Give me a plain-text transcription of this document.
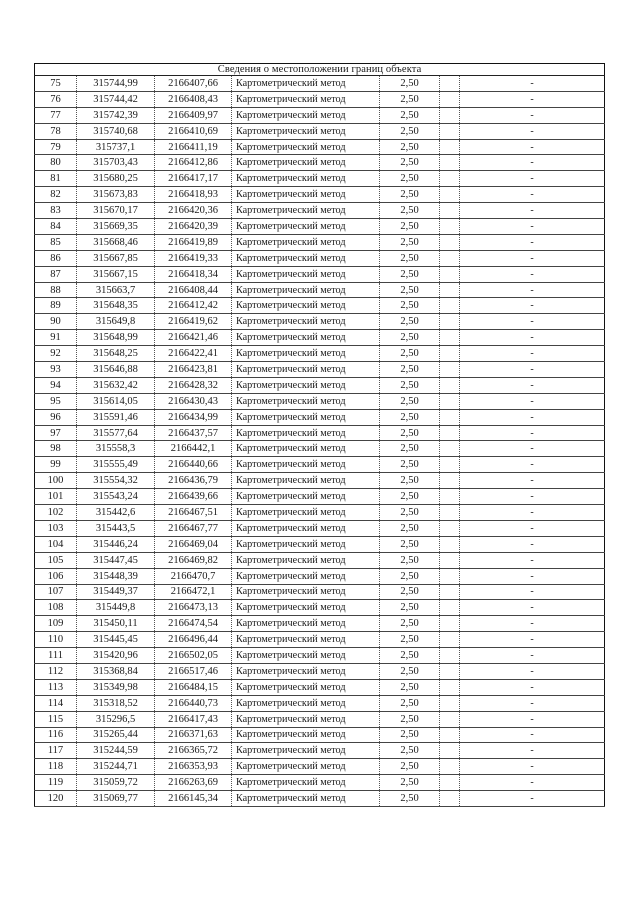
Сведения о местоположении границ объекта						
75	315744,99	2166407,66	Картометрический метод	2,50		-
76	315744,42	2166408,43	Картометрический метод	2,50		-
77	315742,39	2166409,97	Картометрический метод	2,50		-
78	315740,68	2166410,69	Картометрический метод	2,50		-
79	315737,1	2166411,19	Картометрический метод	2,50		-
80	315703,43	2166412,86	Картометрический метод	2,50		-
81	315680,25	2166417,17	Картометрический метод	2,50		-
82	315673,83	2166418,93	Картометрический метод	2,50		-
83	315670,17	2166420,36	Картометрический метод	2,50		-
84	315669,35	2166420,39	Картометрический метод	2,50		-
85	315668,46	2166419,89	Картометрический метод	2,50		-
86	315667,85	2166419,33	Картометрический метод	2,50		-
87	315667,15	2166418,34	Картометрический метод	2,50		-
88	315663,7	2166408,44	Картометрический метод	2,50		-
89	315648,35	2166412,42	Картометрический метод	2,50		-
90	315649,8	2166419,62	Картометрический метод	2,50		-
91	315648,99	2166421,46	Картометрический метод	2,50		-
92	315648,25	2166422,41	Картометрический метод	2,50		-
93	315646,88	2166423,81	Картометрический метод	2,50		-
94	315632,42	2166428,32	Картометрический метод	2,50		-
95	315614,05	2166430,43	Картометрический метод	2,50		-
96	315591,46	2166434,99	Картометрический метод	2,50		-
97	315577,64	2166437,57	Картометрический метод	2,50		-
98	315558,3	2166442,1	Картометрический метод	2,50		-
99	315555,49	2166440,66	Картометрический метод	2,50		-
100	315554,32	2166436,79	Картометрический метод	2,50		-
101	315543,24	2166439,66	Картометрический метод	2,50		-
102	315442,6	2166467,51	Картометрический метод	2,50		-
103	315443,5	2166467,77	Картометрический метод	2,50		-
104	315446,24	2166469,04	Картометрический метод	2,50		-
105	315447,45	2166469,82	Картометрический метод	2,50		-
106	315448,39	2166470,7	Картометрический метод	2,50		-
107	315449,37	2166472,1	Картометрический метод	2,50		-
108	315449,8	2166473,13	Картометрический метод	2,50		-
109	315450,11	2166474,54	Картометрический метод	2,50		-
110	315445,45	2166496,44	Картометрический метод	2,50		-
111	315420,96	2166502,05	Картометрический метод	2,50		-
112	315368,84	2166517,46	Картометрический метод	2,50		-
113	315349,98	2166484,15	Картометрический метод	2,50		-
114	315318,52	2166440,73	Картометрический метод	2,50		-
115	315296,5	2166417,43	Картометрический метод	2,50		-
116	315265,44	2166371,63	Картометрический метод	2,50		-
117	315244,59	2166365,72	Картометрический метод	2,50		-
118	315244,71	2166353,93	Картометрический метод	2,50		-
119	315059,72	2166263,69	Картометрический метод	2,50		-
120	315069,77	2166145,34	Картометрический метод	2,50		-
